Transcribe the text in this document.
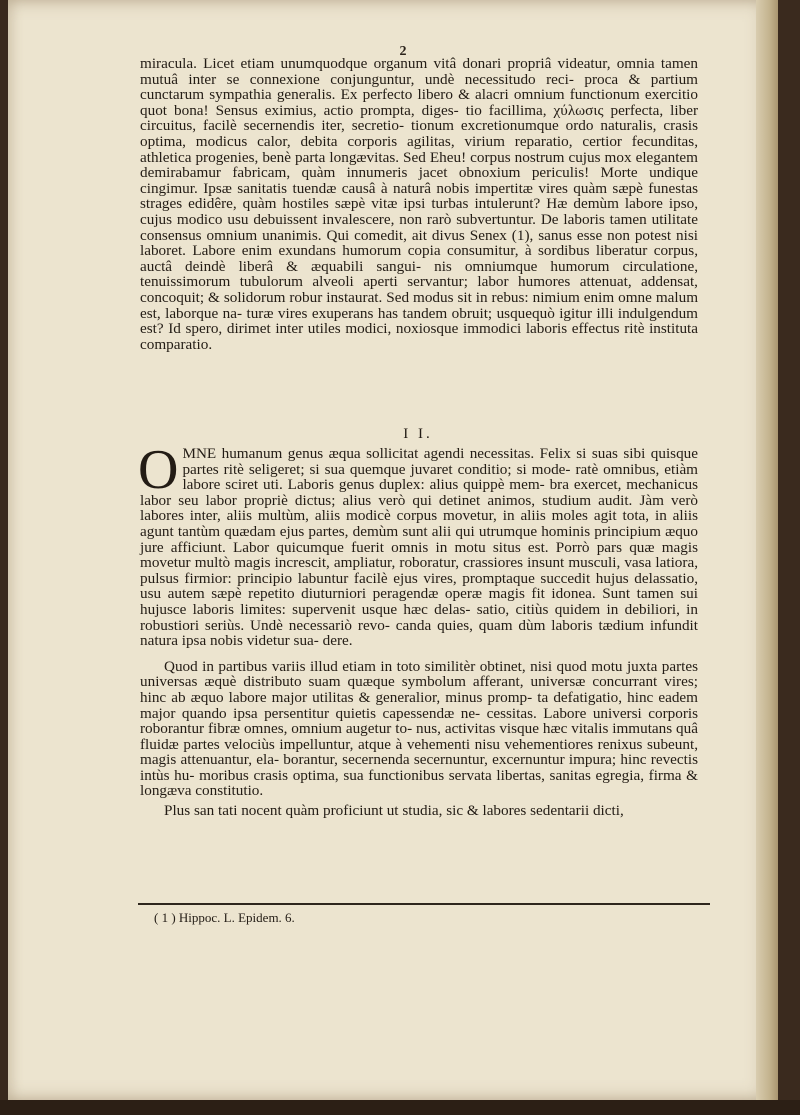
2
miracula. Licet etiam unumquodque organum vitâ donari propriâ videatur, omnia tamen mutuâ inter se connexione conjunguntur, undè necessitudo reci- proca & partium cunctarum sympathia generalis. Ex perfecto libero & alacri omnium functionum exercitio quot bona! Sensus eximius, actio prompta, diges- tio facillima, χύλωσις perfecta, liber circuitus, facilè secernendis iter, secretio- tionum excretionumque ordo naturalis, crasis optima, modicus calor, debita corporis agilitas, virium reparatio, certior fecunditas, athletica progenies, benè parta longævitas. Sed Eheu! corpus nostrum cujus mox elegantem demirabamur fabricam, quàm innumeris jacet obnoxium periculis! Morte undique cingimur. Ipsæ sanitatis tuendæ causâ à naturâ nobis impertitæ vires quàm sæpè funestas strages edidêre, quàm hostiles sæpè vitæ ipsi turbas intulerunt? Hæ demùm labore ipso, cujus modico usu debuissent invalescere, non rarò subvertuntur. De laboris tamen utilitate consensus omnium unanimis. Qui comedit, ait divus Senex (1), sanus esse non potest nisi laboret. Labore enim exundans humorum copia consumitur, à sordibus liberatur corpus, auctâ deindè liberâ & æquabili sangui- nis omniumque humorum circulatione, tenuissimorum tubulorum alveoli aperti servantur; labor humores attenuat, addensat, concoquit; & solidorum robur instaurat. Sed modus sit in rebus: nimium enim omne malum est, laborque na- turæ vires exuperans has tandem obruit; usquequò igitur illi indulgendum est? Id spero, dirimet inter utiles modici, noxiosque immodici laboris effectus ritè instituta comparatio.
I I.

OMNE humanum genus æqua sollicitat agendi necessitas. Felix si suas sibi quisque partes ritè seligeret; si sua quemque juvaret conditio; si mode- ratè omnibus, etiàm labore sciret uti. Laboris genus duplex: alius quippè mem- bra exercet, mechanicus labor seu labor propriè dictus; alius verò qui detinet animos, studium audit. Jàm verò labores inter, aliis multùm, aliis modicè corpus movetur, in aliis moles agit tota, in aliis agunt tantùm quædam ejus partes, demùm sunt alii qui utrumque hominis principium æquo jure afficiunt. Labor quicumque fuerit omnis in motu situs est. Porrò pars quæ magis movetur multò magis increscit, ampliatur, roboratur, crassiores insunt musculi, vasa latiora, pulsus firmior: principio labuntur facilè ejus vires, promptaque succedit hujus delassatio, usu autem sæpè repetito diuturniori peragendæ operæ magis fit idonea. Sunt tamen sui hujusce laboris limites: supervenit usque hæc delas- satio, citiùs quidem in debiliori, in robustiori seriùs. Undè necessariò revo- canda quies, quam dùm laboris tædium infundit natura ipsa nobis videtur sua- dere.

Quod in partibus variis illud etiam in toto similitèr obtinet, nisi quod motu juxta partes universas æquè distributo suam quæque symbolum afferant, universæ concurrant vires; hinc ab æquo labore major utilitas & generalior, minus promp- ta defatigatio, hinc eadem major quando ipsa persentitur quietis capessendæ ne- cessitas. Labore universi corporis roborantur fibræ omnes, omnium augetur to- nus, activitas visque hæc vitalis immutans quâ fluidæ partes velociùs impelluntur, atque à vehementi nisu vehementiores renixus subeunt, magis attenuantur, ela- borantur, secernenda secernuntur, excernuntur impura; hinc revectis intùs hu- moribus crasis optima, sua functionibus servata libertas, sanitas egregia, firma & longæva constitutio.

Plus san tati nocent quàm proficiunt ut studia, sic & labores sedentarii dicti,

( 1 ) Hippoc. L. Epidem. 6.
